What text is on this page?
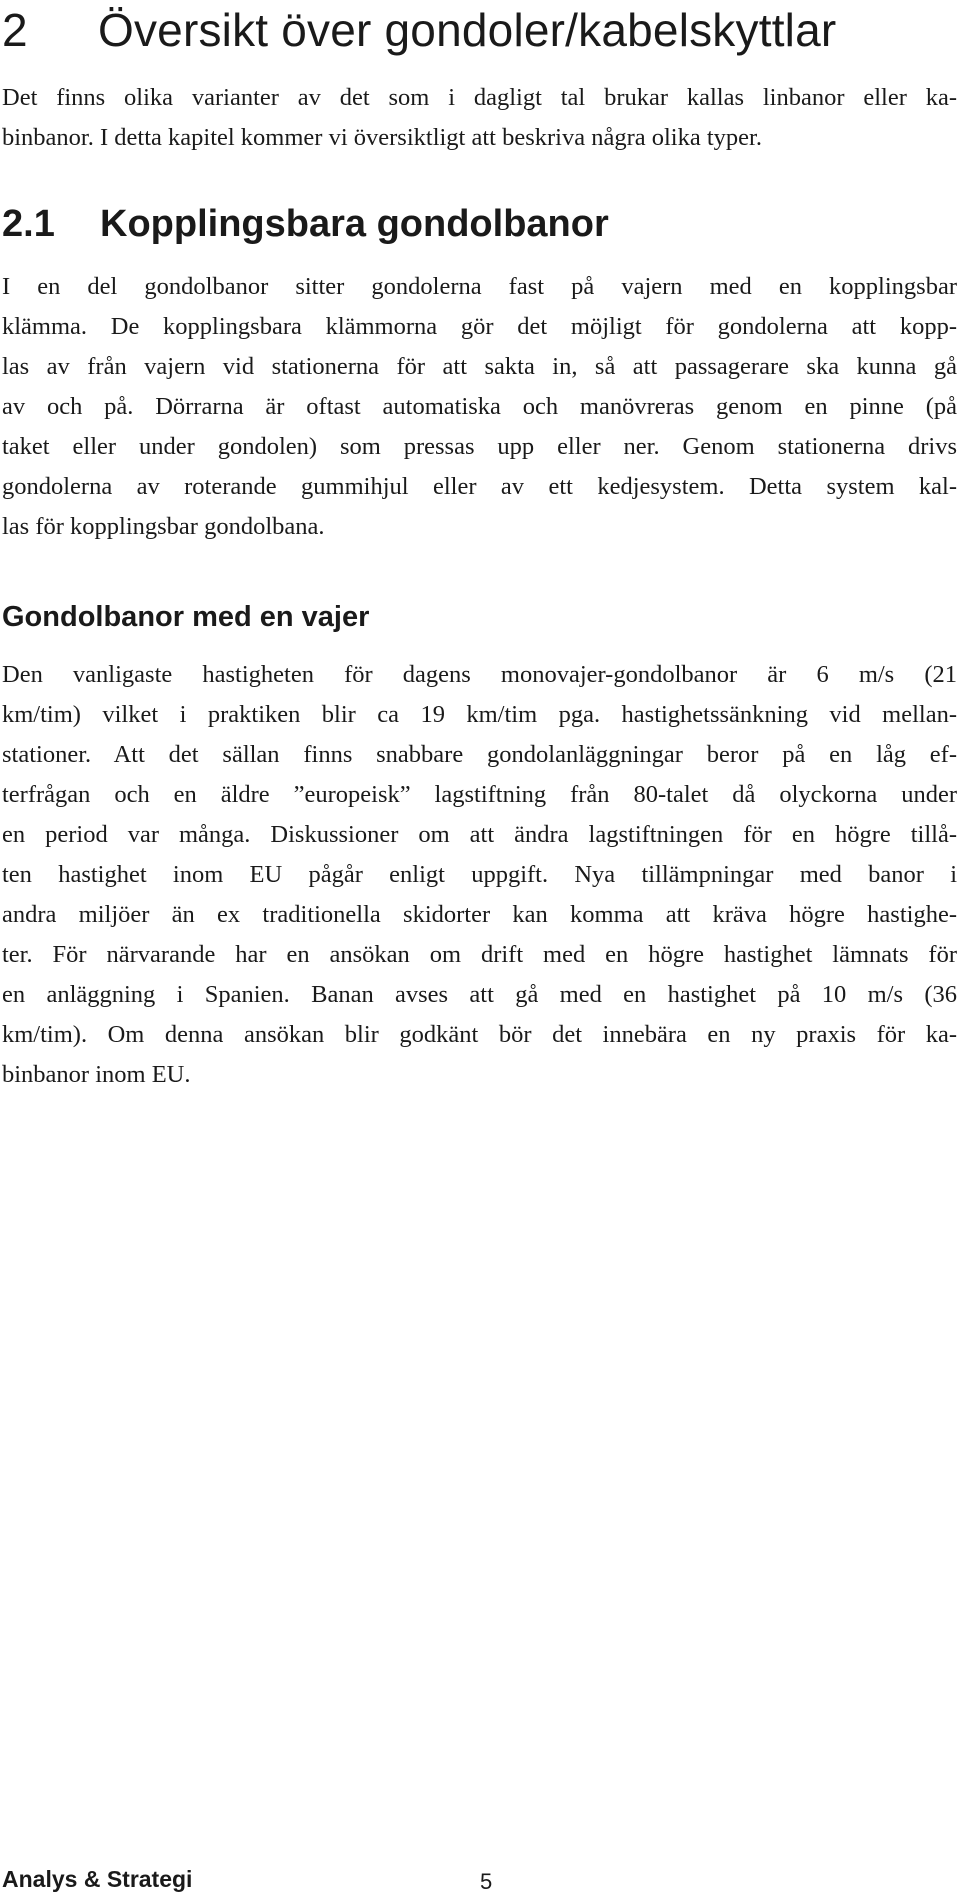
2 Översikt över gondoler/kabelskyttlar

Det finns olika varianter av det som i dagligt tal brukar kallas linbanor eller ka-
binbanor. I detta kapitel kommer vi översiktligt att beskriva några olika typer.

2.1 Kopplingsbara gondolbanor

I en del gondolbanor sitter gondolerna fast på vajern med en kopplingsbar
klämma. De kopplingsbara klämmorna gör det möjligt för gondolerna att kopp-
las av från vajern vid stationerna för att sakta in, så att passagerare ska kunna gå
av och på. Dörrarna är oftast automatiska och manövreras genom en pinne (på
taket eller under gondolen) som pressas upp eller ner. Genom stationerna drivs
gondolerna av roterande gummihjul eller av ett kedjesystem. Detta system kal-
las för kopplingsbar gondolbana.

Gondolbanor med en vajer

Den vanligaste hastigheten för dagens monovajer-gondolbanor är 6 m/s (21
km/tim) vilket i praktiken blir ca 19 km/tim pga. hastighetssänkning vid mellan-
stationer. Att det sällan finns snabbare gondolanläggningar beror på en låg ef-
terfrågan och en äldre ”europeisk” lagstiftning från 80-talet då olyckorna under
en period var många. Diskussioner om att ändra lagstiftningen för en högre tillå-
ten hastighet inom EU pågår enligt uppgift. Nya tillämpningar med banor i
andra miljöer än ex traditionella skidorter kan komma att kräva högre hastighe-
ter. För närvarande har en ansökan om drift med en högre hastighet lämnats för
en anläggning i Spanien. Banan avses att gå med en hastighet på 10 m/s (36
km/tim). Om denna ansökan blir godkänt bör det innebära en ny praxis för ka-
binbanor inom EU.

Analys & Strategi	5
